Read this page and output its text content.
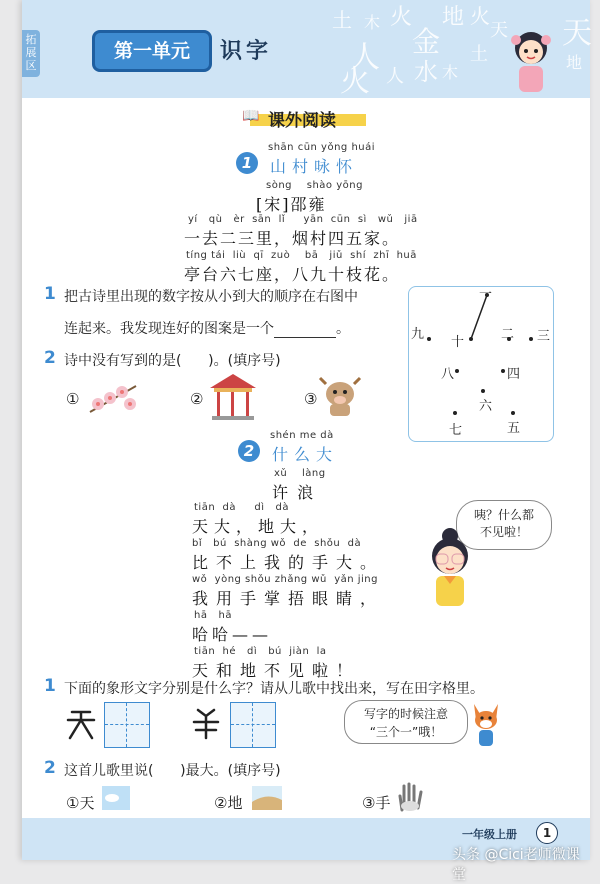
土 木 火
金
地	天
人 水
火
火
天
地
人
土
木
第一单元	识字
拓展区
📖 课外阅读
1
shān cūn yǒng huái
山村咏怀
sòng    shào yōng
[宋]邵雍
yí   qù   èr  sān  lǐ     yān  cūn  sì   wǔ   jiā
一去二三里，烟村四五家。
tíng tái  liù  qī  zuò    bā   jiǔ  shí  zhī  huā
亭台六七座，八九十枝花。
1 把古诗里出现的数字按从小到大的顺序在右图中
连起来。我发现连好的图案是一个	。
2 诗中没有写到的是(      )。(填序号)
①	②	③
一
二 三
四
五
六
七
八
九
十
2
shén me dà
什么大
xǔ    làng
许 浪
tiān  dà     dì   dà
天大，地大，
bǐ   bú  shàng wǒ  de  shǒu  dà
比不上我的手大。
wǒ  yòng shǒu zhǎng wǔ  yǎn jing
我用手掌捂眼睛，
hā   hā
哈哈——
tiān  hé   dì   bú  jiàn  la
天和地不见啦！
咦？什么都
不见啦！
1 下面的象形文字分别是什么字？请从儿歌中找出来，写在田字格里。
写字的时候注意
“三个一”哦！
2 这首儿歌里说(      )最大。(填序号)
①天	②地	③手
一年级上册	1
头条 @Cici老师微课堂
